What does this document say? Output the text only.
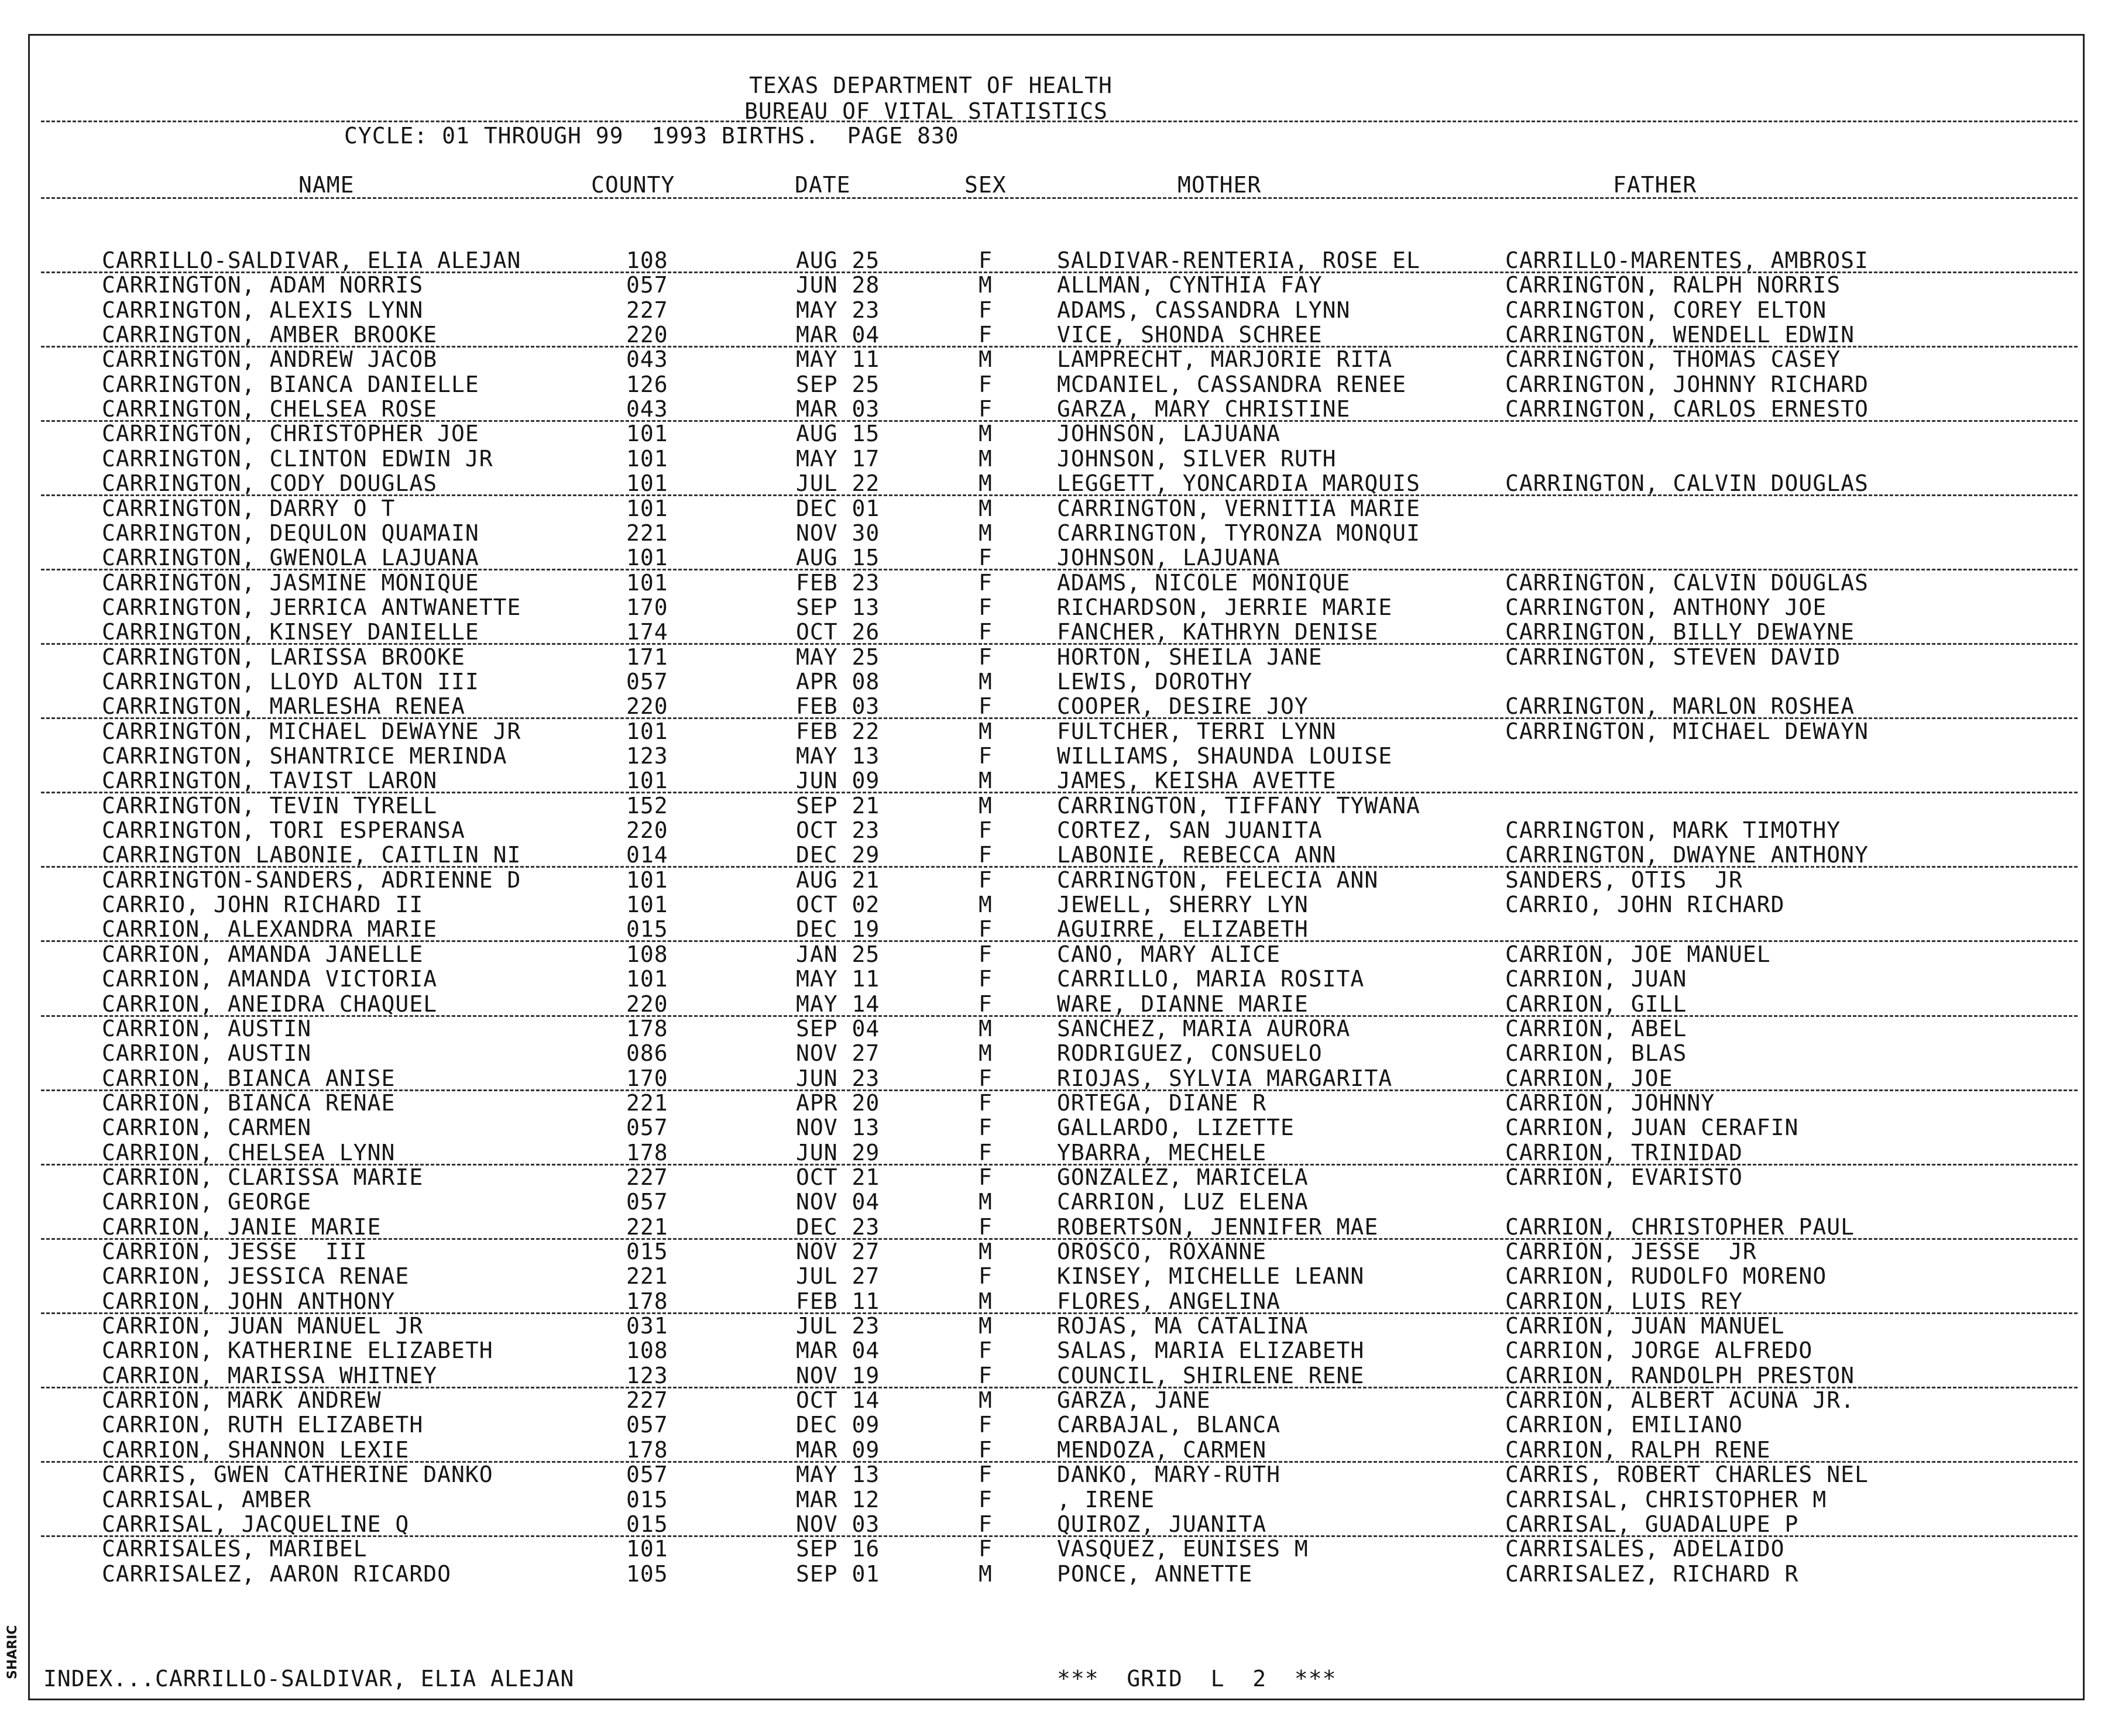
SHARIC
TEXAS DEPARTMENT OF HEALTH
BUREAU OF VITAL STATISTICS
CYCLE: 01 THROUGH 99  1993 BIRTHS.  PAGE 830
NAME	COUNTY	DATE	SEX	MOTHER	FATHER
CARRILLO-SALDIVAR, ELIA ALEJAN	108	AUG 25	F	SALDIVAR-RENTERIA, ROSE EL	CARRILLO-MARENTES, AMBROSI
CARRINGTON, ADAM NORRIS	057	JUN 28	M	ALLMAN, CYNTHIA FAY	CARRINGTON, RALPH NORRIS
CARRINGTON, ALEXIS LYNN	227	MAY 23	F	ADAMS, CASSANDRA LYNN	CARRINGTON, COREY ELTON
CARRINGTON, AMBER BROOKE	220	MAR 04	F	VICE, SHONDA SCHREE	CARRINGTON, WENDELL EDWIN
CARRINGTON, ANDREW JACOB	043	MAY 11	M	LAMPRECHT, MARJORIE RITA	CARRINGTON, THOMAS CASEY
CARRINGTON, BIANCA DANIELLE	126	SEP 25	F	MCDANIEL, CASSANDRA RENEE	CARRINGTON, JOHNNY RICHARD
CARRINGTON, CHELSEA ROSE	043	MAR 03	F	GARZA, MARY CHRISTINE	CARRINGTON, CARLOS ERNESTO
CARRINGTON, CHRISTOPHER JOE	101	AUG 15	M	JOHNSON, LAJUANA
CARRINGTON, CLINTON EDWIN JR	101	MAY 17	M	JOHNSON, SILVER RUTH
CARRINGTON, CODY DOUGLAS	101	JUL 22	M	LEGGETT, YONCARDIA MARQUIS	CARRINGTON, CALVIN DOUGLAS
CARRINGTON, DARRY O T	101	DEC 01	M	CARRINGTON, VERNITIA MARIE
CARRINGTON, DEQULON QUAMAIN	221	NOV 30	M	CARRINGTON, TYRONZA MONQUI
CARRINGTON, GWENOLA LAJUANA	101	AUG 15	F	JOHNSON, LAJUANA
CARRINGTON, JASMINE MONIQUE	101	FEB 23	F	ADAMS, NICOLE MONIQUE	CARRINGTON, CALVIN DOUGLAS
CARRINGTON, JERRICA ANTWANETTE	170	SEP 13	F	RICHARDSON, JERRIE MARIE	CARRINGTON, ANTHONY JOE
CARRINGTON, KINSEY DANIELLE	174	OCT 26	F	FANCHER, KATHRYN DENISE	CARRINGTON, BILLY DEWAYNE
CARRINGTON, LARISSA BROOKE	171	MAY 25	F	HORTON, SHEILA JANE	CARRINGTON, STEVEN DAVID
CARRINGTON, LLOYD ALTON III	057	APR 08	M	LEWIS, DOROTHY
CARRINGTON, MARLESHA RENEA	220	FEB 03	F	COOPER, DESIRE JOY	CARRINGTON, MARLON ROSHEA
CARRINGTON, MICHAEL DEWAYNE JR	101	FEB 22	M	FULTCHER, TERRI LYNN	CARRINGTON, MICHAEL DEWAYN
CARRINGTON, SHANTRICE MERINDA	123	MAY 13	F	WILLIAMS, SHAUNDA LOUISE
CARRINGTON, TAVIST LARON	101	JUN 09	M	JAMES, KEISHA AVETTE
CARRINGTON, TEVIN TYRELL	152	SEP 21	M	CARRINGTON, TIFFANY TYWANA
CARRINGTON, TORI ESPERANSA	220	OCT 23	F	CORTEZ, SAN JUANITA	CARRINGTON, MARK TIMOTHY
CARRINGTON LABONIE, CAITLIN NI	014	DEC 29	F	LABONIE, REBECCA ANN	CARRINGTON, DWAYNE ANTHONY
CARRINGTON-SANDERS, ADRIENNE D	101	AUG 21	F	CARRINGTON, FELECIA ANN	SANDERS, OTIS  JR
CARRIO, JOHN RICHARD II	101	OCT 02	M	JEWELL, SHERRY LYN	CARRIO, JOHN RICHARD
CARRION, ALEXANDRA MARIE	015	DEC 19	F	AGUIRRE, ELIZABETH
CARRION, AMANDA JANELLE	108	JAN 25	F	CANO, MARY ALICE	CARRION, JOE MANUEL
CARRION, AMANDA VICTORIA	101	MAY 11	F	CARRILLO, MARIA ROSITA	CARRION, JUAN
CARRION, ANEIDRA CHAQUEL	220	MAY 14	F	WARE, DIANNE MARIE	CARRION, GILL
CARRION, AUSTIN	178	SEP 04	M	SANCHEZ, MARIA AURORA	CARRION, ABEL
CARRION, AUSTIN	086	NOV 27	M	RODRIGUEZ, CONSUELO	CARRION, BLAS
CARRION, BIANCA ANISE	170	JUN 23	F	RIOJAS, SYLVIA MARGARITA	CARRION, JOE
CARRION, BIANCA RENAE	221	APR 20	F	ORTEGA, DIANE R	CARRION, JOHNNY
CARRION, CARMEN	057	NOV 13	F	GALLARDO, LIZETTE	CARRION, JUAN CERAFIN
CARRION, CHELSEA LYNN	178	JUN 29	F	YBARRA, MECHELE	CARRION, TRINIDAD
CARRION, CLARISSA MARIE	227	OCT 21	F	GONZALEZ, MARICELA	CARRION, EVARISTO
CARRION, GEORGE	057	NOV 04	M	CARRION, LUZ ELENA
CARRION, JANIE MARIE	221	DEC 23	F	ROBERTSON, JENNIFER MAE	CARRION, CHRISTOPHER PAUL
CARRION, JESSE  III	015	NOV 27	M	OROSCO, ROXANNE	CARRION, JESSE  JR
CARRION, JESSICA RENAE	221	JUL 27	F	KINSEY, MICHELLE LEANN	CARRION, RUDOLFO MORENO
CARRION, JOHN ANTHONY	178	FEB 11	M	FLORES, ANGELINA	CARRION, LUIS REY
CARRION, JUAN MANUEL JR	031	JUL 23	M	ROJAS, MA CATALINA	CARRION, JUAN MANUEL
CARRION, KATHERINE ELIZABETH	108	MAR 04	F	SALAS, MARIA ELIZABETH	CARRION, JORGE ALFREDO
CARRION, MARISSA WHITNEY	123	NOV 19	F	COUNCIL, SHIRLENE RENE	CARRION, RANDOLPH PRESTON
CARRION, MARK ANDREW	227	OCT 14	M	GARZA, JANE	CARRION, ALBERT ACUNA JR.
CARRION, RUTH ELIZABETH	057	DEC 09	F	CARBAJAL, BLANCA	CARRION, EMILIANO
CARRION, SHANNON LEXIE	178	MAR 09	F	MENDOZA, CARMEN	CARRION, RALPH RENE
CARRIS, GWEN CATHERINE DANKO	057	MAY 13	F	DANKO, MARY-RUTH	CARRIS, ROBERT CHARLES NEL
CARRISAL, AMBER	015	MAR 12	F	, IRENE	CARRISAL, CHRISTOPHER M
CARRISAL, JACQUELINE Q	015	NOV 03	F	QUIROZ, JUANITA	CARRISAL, GUADALUPE P
CARRISALES, MARIBEL	101	SEP 16	F	VASQUEZ, EUNISES M	CARRISALES, ADELAIDO
CARRISALEZ, AARON RICARDO	105	SEP 01	M	PONCE, ANNETTE	CARRISALEZ, RICHARD R
INDEX...CARRILLO-SALDIVAR, ELIA ALEJAN	***  GRID  L  2  ***
